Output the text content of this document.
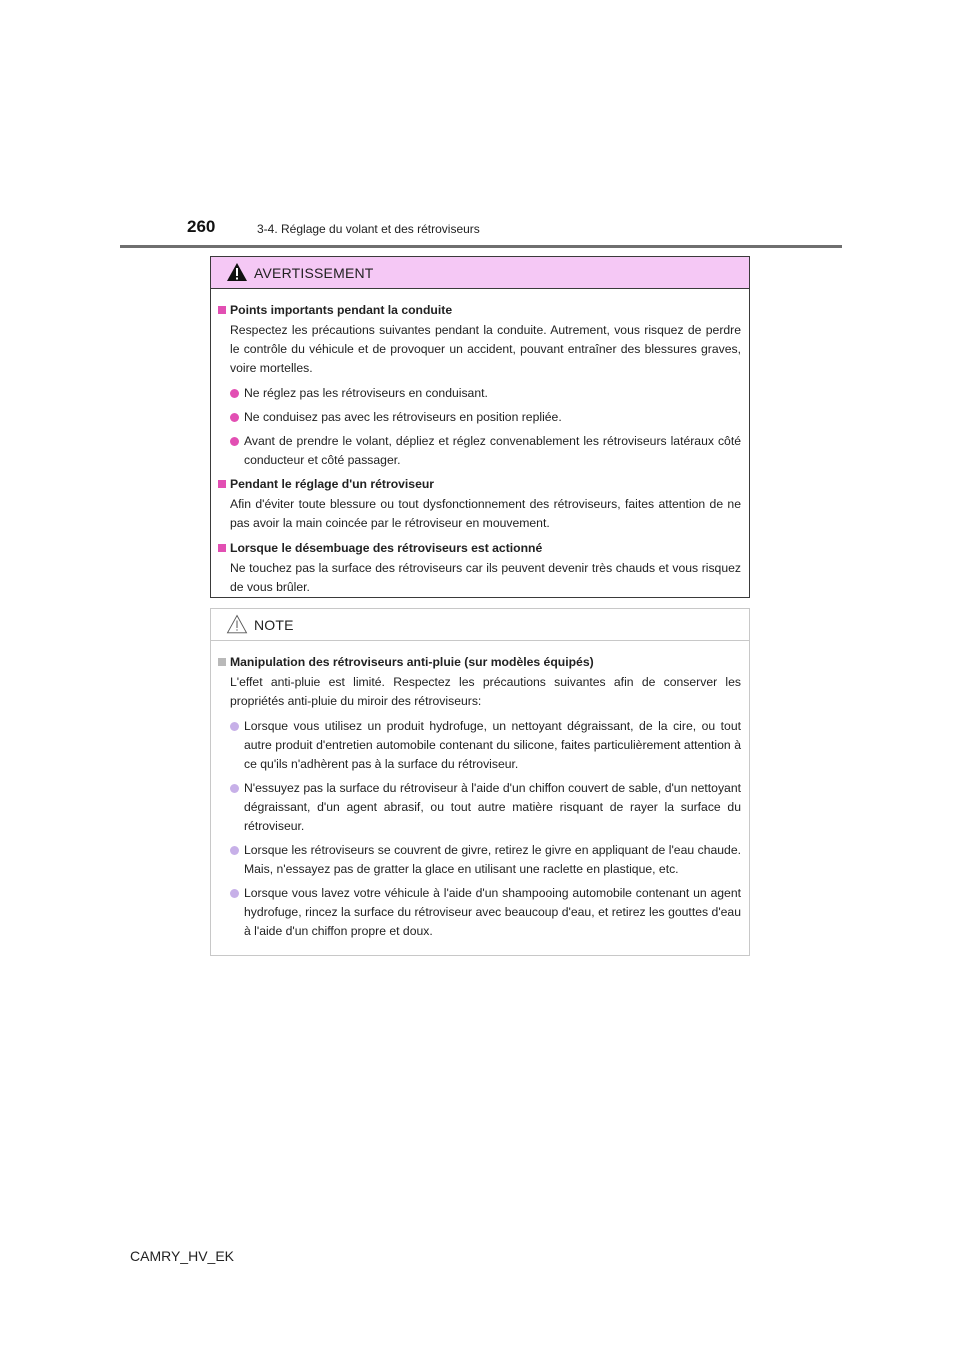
260	3-4. Réglage du volant et des rétroviseurs
AVERTISSEMENT
Points importants pendant la conduite
Respectez les précautions suivantes pendant la conduite. Autrement, vous risquez de perdre le contrôle du véhicule et de provoquer un accident, pouvant entraîner des blessures graves, voire mortelles.
Ne réglez pas les rétroviseurs en conduisant.
Ne conduisez pas avec les rétroviseurs en position repliée.
Avant de prendre le volant, dépliez et réglez convenablement les rétroviseurs latéraux côté conducteur et côté passager.
Pendant le réglage d'un rétroviseur
Afin d'éviter toute blessure ou tout dysfonctionnement des rétroviseurs, faites attention de ne pas avoir la main coincée par le rétroviseur en mouvement.
Lorsque le désembuage des rétroviseurs est actionné
Ne touchez pas la surface des rétroviseurs car ils peuvent devenir très chauds et vous risquez de vous brûler.
NOTE
Manipulation des rétroviseurs anti-pluie (sur modèles équipés)
L'effet anti-pluie est limité. Respectez les précautions suivantes afin de conserver les propriétés anti-pluie du miroir des rétroviseurs:
Lorsque vous utilisez un produit hydrofuge, un nettoyant dégraissant, de la cire, ou tout autre produit d'entretien automobile contenant du silicone, faites particulièrement attention à ce qu'ils n'adhèrent pas à la surface du rétroviseur.
N'essuyez pas la surface du rétroviseur à l'aide d'un chiffon couvert de sable, d'un nettoyant dégraissant, d'un agent abrasif, ou tout autre matière risquant de rayer la surface du rétroviseur.
Lorsque les rétroviseurs se couvrent de givre, retirez le givre en appliquant de l'eau chaude. Mais, n'essayez pas de gratter la glace en utilisant une raclette en plastique, etc.
Lorsque vous lavez votre véhicule à l'aide d'un shampooing automobile contenant un agent hydrofuge, rincez la surface du rétroviseur avec beaucoup d'eau, et retirez les gouttes d'eau à l'aide d'un chiffon propre et doux.
CAMRY_HV_EK
